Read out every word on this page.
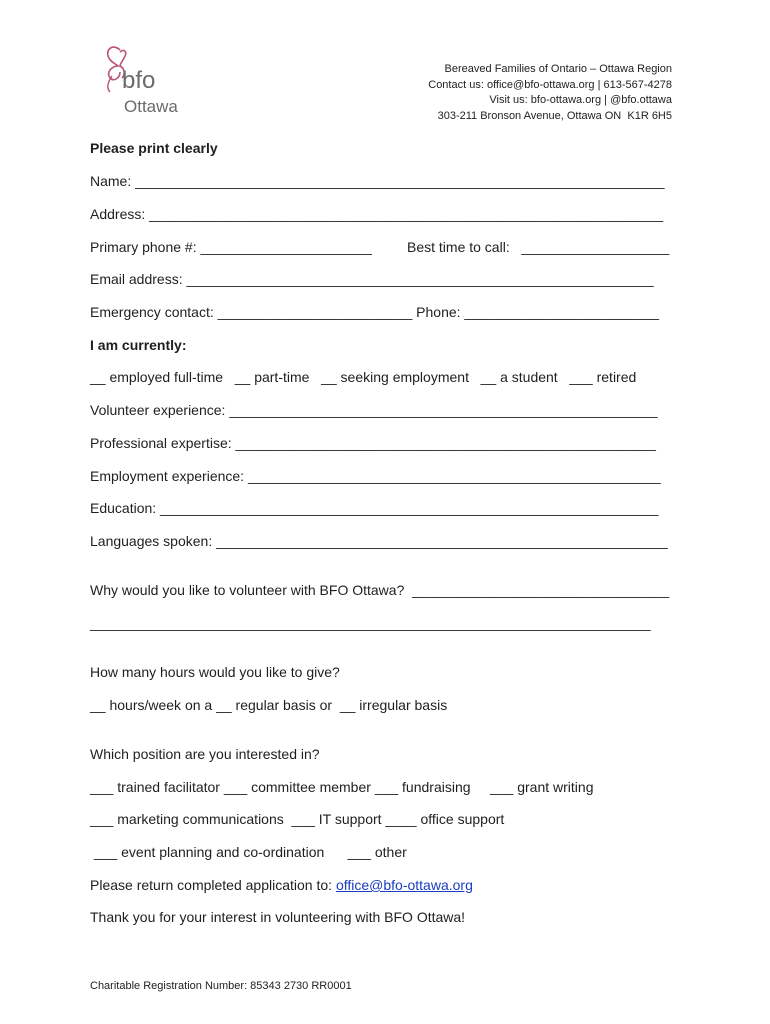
bfo
Ottawa
Bereaved Families of Ontario – Ottawa Region
Contact us: office@bfo-ottawa.org | 613-567-4278
Visit us: bfo-ottawa.org | @bfo.ottawa
303-211 Bronson Avenue, Ottawa ON  K1R 6H5
Please print clearly
Name: ____________________________________________________________________
Address: __________________________________________________________________
Primary phone #: ______________________	Best time to call:   ___________________
Email address: ____________________________________________________________
Emergency contact: _________________________ Phone: _________________________
I am currently:
__ employed full-time   __ part-time   __ seeking employment   __ a student   ___ retired
Volunteer experience: _______________________________________________________
Professional expertise: ______________________________________________________
Employment experience: _____________________________________________________
Education: ________________________________________________________________
Languages spoken: __________________________________________________________
Why would you like to volunteer with BFO Ottawa?  _________________________________
________________________________________________________________________
How many hours would you like to give?
__ hours/week on a __ regular basis or  __ irregular basis
Which position are you interested in?
___ trained facilitator ___ committee member ___ fundraising     ___ grant writing
___ marketing communications  ___ IT support ____ office support
___ event planning and co-ordination      ___ other
Please return completed application to: office@bfo-ottawa.org
Thank you for your interest in volunteering with BFO Ottawa!
Charitable Registration Number: 85343 2730 RR0001
